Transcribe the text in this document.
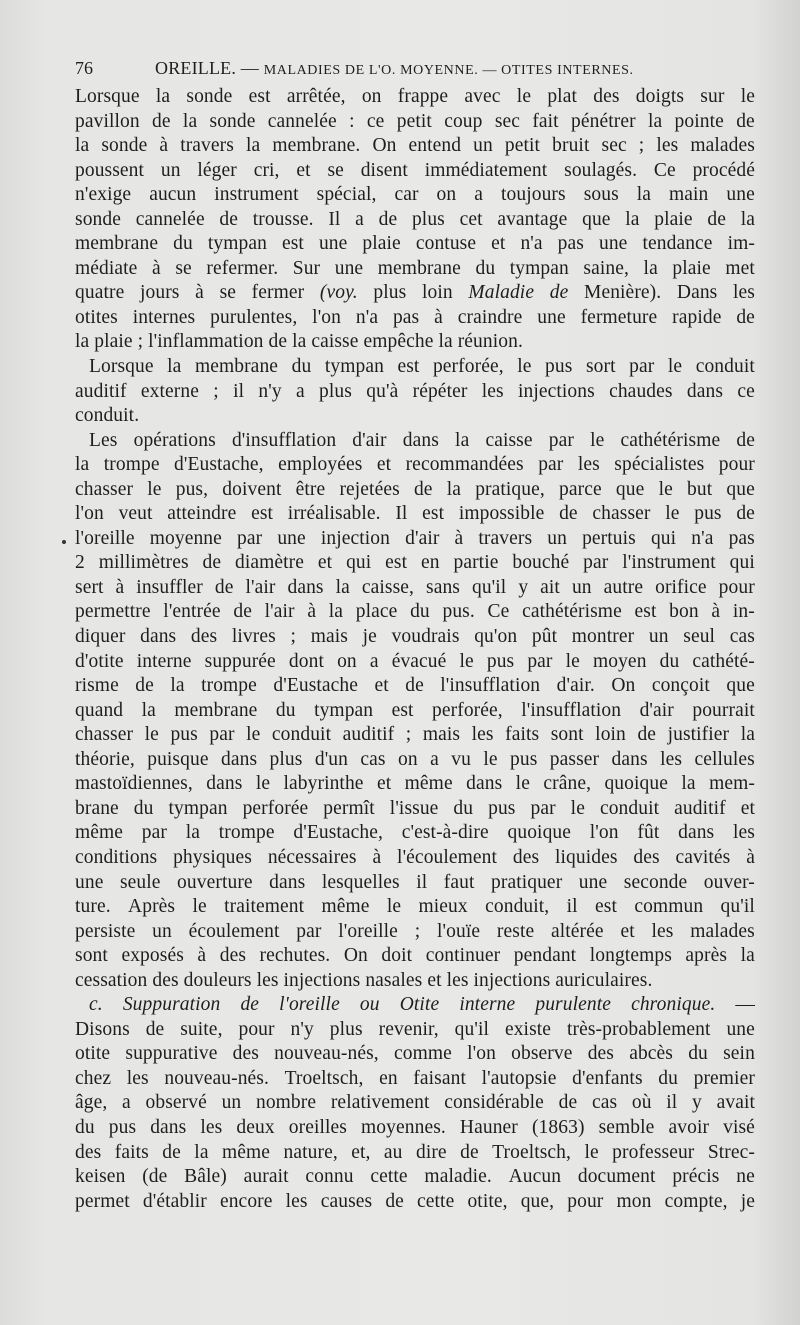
76	OREILLE. — MALADIES DE L'O. MOYENNE. — OTITES INTERNES.
Lorsque la sonde est arrêtée, on frappe avec le plat des doigts sur le
pavillon de la sonde cannelée : ce petit coup sec fait pénétrer la pointe de
la sonde à travers la membrane. On entend un petit bruit sec ; les malades
poussent un léger cri, et se disent immédiatement soulagés. Ce procédé
n'exige aucun instrument spécial, car on a toujours sous la main une
sonde cannelée de trousse. Il a de plus cet avantage que la plaie de la
membrane du tympan est une plaie contuse et n'a pas une tendance im-
médiate à se refermer. Sur une membrane du tympan saine, la plaie met
quatre jours à se fermer (voy. plus loin Maladie de Menière). Dans les
otites internes purulentes, l'on n'a pas à craindre une fermeture rapide de
la plaie ; l'inflammation de la caisse empêche la réunion.
Lorsque la membrane du tympan est perforée, le pus sort par le conduit
auditif externe ; il n'y a plus qu'à répéter les injections chaudes dans ce
conduit.
Les opérations d'insufflation d'air dans la caisse par le cathétérisme de
la trompe d'Eustache, employées et recommandées par les spécialistes pour
chasser le pus, doivent être rejetées de la pratique, parce que le but que
l'on veut atteindre est irréalisable. Il est impossible de chasser le pus de
l'oreille moyenne par une injection d'air à travers un pertuis qui n'a pas
2 millimètres de diamètre et qui est en partie bouché par l'instrument qui
sert à insuffler de l'air dans la caisse, sans qu'il y ait un autre orifice pour
permettre l'entrée de l'air à la place du pus. Ce cathétérisme est bon à in-
diquer dans des livres ; mais je voudrais qu'on pût montrer un seul cas
d'otite interne suppurée dont on a évacué le pus par le moyen du cathété-
risme de la trompe d'Eustache et de l'insufflation d'air. On conçoit que
quand la membrane du tympan est perforée, l'insufflation d'air pourrait
chasser le pus par le conduit auditif ; mais les faits sont loin de justifier la
théorie, puisque dans plus d'un cas on a vu le pus passer dans les cellules
mastoïdiennes, dans le labyrinthe et même dans le crâne, quoique la mem-
brane du tympan perforée permît l'issue du pus par le conduit auditif et
même par la trompe d'Eustache, c'est-à-dire quoique l'on fût dans les
conditions physiques nécessaires à l'écoulement des liquides des cavités à
une seule ouverture dans lesquelles il faut pratiquer une seconde ouver-
ture. Après le traitement même le mieux conduit, il est commun qu'il
persiste un écoulement par l'oreille ; l'ouïe reste altérée et les malades
sont exposés à des rechutes. On doit continuer pendant longtemps après la
cessation des douleurs les injections nasales et les injections auriculaires.
c. Suppuration de l'oreille ou Otite interne purulente chronique. —
Disons de suite, pour n'y plus revenir, qu'il existe très-probablement une
otite suppurative des nouveau-nés, comme l'on observe des abcès du sein
chez les nouveau-nés. Troeltsch, en faisant l'autopsie d'enfants du premier
âge, a observé un nombre relativement considérable de cas où il y avait
du pus dans les deux oreilles moyennes. Hauner (1863) semble avoir visé
des faits de la même nature, et, au dire de Troeltsch, le professeur Strec-
keisen (de Bâle) aurait connu cette maladie. Aucun document précis ne
permet d'établir encore les causes de cette otite, que, pour mon compte, je
